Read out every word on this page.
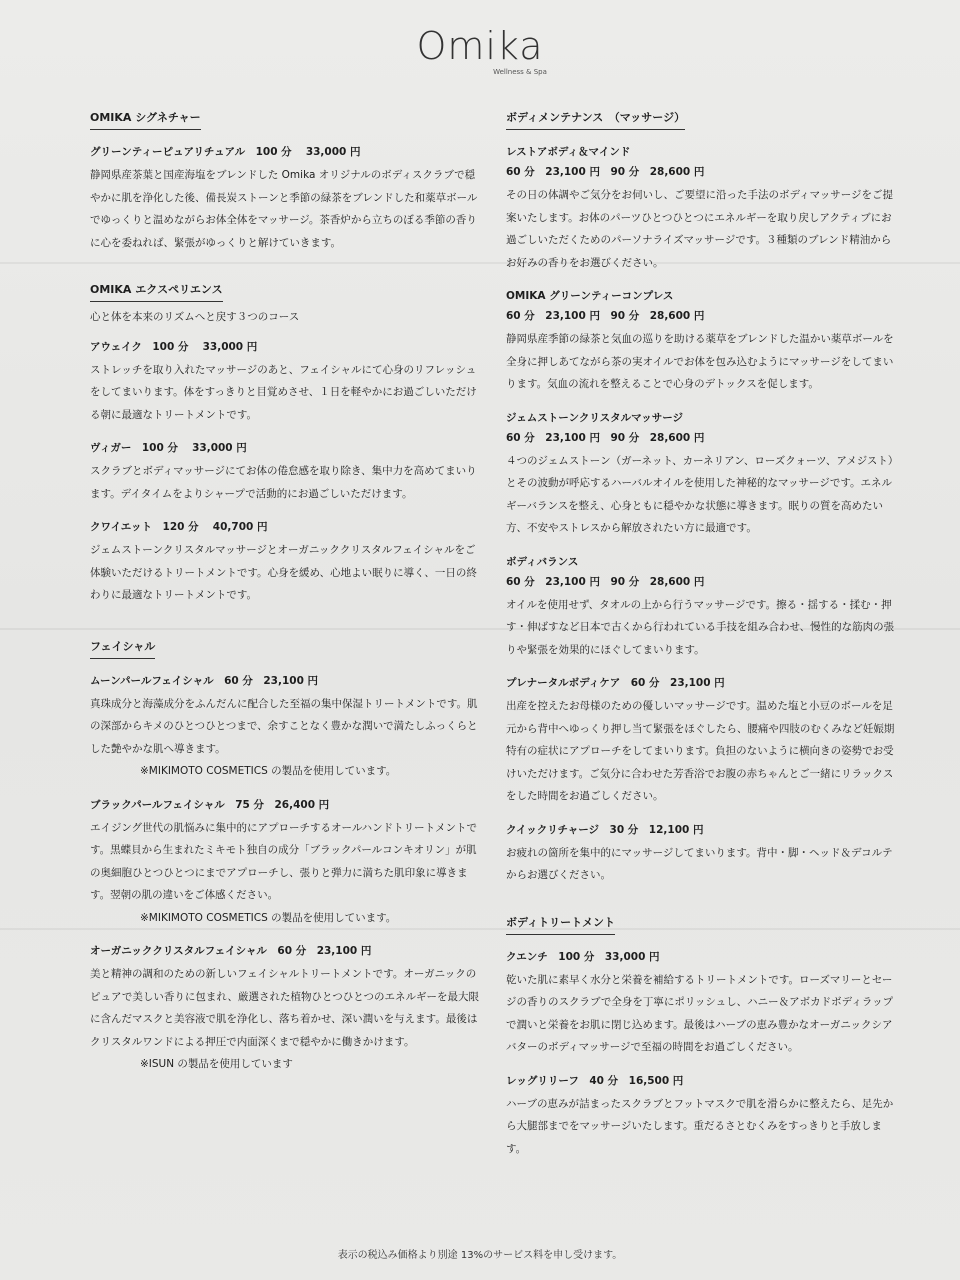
Omika
Wellness & Spa
OMIKA シグネチャー
グリーンティーピュアリチュアル　100 分　 33,000 円
静岡県産茶葉と国産海塩をブレンドした Omika オリジナルのボディスクラブで穏やかに肌を浄化した後、備長炭ストーンと季節の緑茶をブレンドした和薬草ボールでゆっくりと温めながらお体全体をマッサージ。茶香炉から立ちのぼる季節の香りに心を委ねれば、緊張がゆっくりと解けていきます。
OMIKA エクスペリエンス
心と体を本来のリズムへと戻す３つのコース
アウェイク　100 分　 33,000 円
ストレッチを取り入れたマッサージのあと、フェイシャルにて心身のリフレッシュをしてまいります。体をすっきりと目覚めさせ、１日を軽やかにお過ごしいただける朝に最適なトリートメントです。
ヴィガー　100 分　 33,000 円
スクラブとボディマッサージにてお体の倦怠感を取り除き、集中力を高めてまいります。デイタイムをよりシャープで活動的にお過ごしいただけます。
クワイエット　120 分　 40,700 円
ジェムストーンクリスタルマッサージとオーガニッククリスタルフェイシャルをご体験いただけるトリートメントです。心身を緩め、心地よい眠りに導く、一日の終わりに最適なトリートメントです。
フェイシャル
ムーンパールフェイシャル　60 分　23,100 円
真珠成分と海藻成分をふんだんに配合した至福の集中保湿トリートメントです。肌の深部からキメのひとつひとつまで、余すことなく豊かな潤いで満たしふっくらとした艶やかな肌へ導きます。
※MIKIMOTO COSMETICS の製品を使用しています。
ブラックパールフェイシャル　75 分　26,400 円
エイジング世代の肌悩みに集中的にアプローチするオールハンドトリートメントです。黒蝶貝から生まれたミキモト独自の成分「ブラックパールコンキオリン」が肌の奥細胞ひとつひとつにまでアプローチし、張りと弾力に満ちた肌印象に導きます。翌朝の肌の違いをご体感ください。
※MIKIMOTO COSMETICS の製品を使用しています。
オーガニッククリスタルフェイシャル　60 分　23,100 円
美と精神の調和のための新しいフェイシャルトリートメントです。オーガニックのピュアで美しい香りに包まれ、厳選された植物ひとつひとつのエネルギーを最大限に含んだマスクと美容液で肌を浄化し、落ち着かせ、深い潤いを与えます。最後はクリスタルワンドによる押圧で内面深くまで穏やかに働きかけます。
※ISUN の製品を使用しています
ボディメンテナンス　（マッサージ）
レストアボディ＆マインド
60 分　23,100 円　90 分　28,600 円
その日の体調やご気分をお伺いし、ご要望に沿った手法のボディマッサージをご提案いたします。お体のパーツひとつひとつにエネルギーを取り戻しアクティブにお過ごしいただくためのパーソナライズマッサージです。３種類のブレンド精油からお好みの香りをお選びください。
OMIKA グリーンティーコンプレス
60 分　23,100 円　90 分　28,600 円
静岡県産季節の緑茶と気血の巡りを助ける薬草をブレンドした温かい薬草ボールを全身に押しあてながら茶の実オイルでお体を包み込むようにマッサージをしてまいります。気血の流れを整えることで心身のデトックスを促します。
ジェムストーンクリスタルマッサージ
60 分　23,100 円　90 分　28,600 円
４つのジェムストーン（ガーネット、カーネリアン、ローズクォーツ、アメジスト）とその波動が呼応するハーバルオイルを使用した神秘的なマッサージです。エネルギーバランスを整え、心身ともに穏やかな状態に導きます。眠りの質を高めたい方、不安やストレスから解放されたい方に最適です。
ボディバランス
60 分　23,100 円　90 分　28,600 円
オイルを使用せず、タオルの上から行うマッサージです。擦る・揺する・揉む・押す・伸ばすなど日本で古くから行われている手技を組み合わせ、慢性的な筋肉の張りや緊張を効果的にほぐしてまいります。
プレナータルボディケア　60 分　23,100 円
出産を控えたお母様のための優しいマッサージです。温めた塩と小豆のボールを足元から背中へゆっくり押し当て緊張をほぐしたら、腰痛や四肢のむくみなど妊娠期特有の症状にアプローチをしてまいります。負担のないように横向きの姿勢でお受けいただけます。ご気分に合わせた芳香浴でお腹の赤ちゃんとご一緒にリラックスをした時間をお過ごしください。
クイックリチャージ　30 分　12,100 円
お疲れの箇所を集中的にマッサージしてまいります。背中・脚・ヘッド＆デコルテからお選びください。
ボディトリートメント
クエンチ　100 分　33,000 円
乾いた肌に素早く水分と栄養を補給するトリートメントです。ローズマリーとセージの香りのスクラブで全身を丁寧にポリッシュし、ハニー＆アボカドボディラップで潤いと栄養をお肌に閉じ込めます。最後はハーブの恵み豊かなオーガニックシアバターのボディマッサージで至福の時間をお過ごしください。
レッグリリーフ　40 分　16,500 円
ハーブの恵みが詰まったスクラブとフットマスクで肌を滑らかに整えたら、足先から大腿部までをマッサージいたします。重だるさとむくみをすっきりと手放します。
表示の税込み価格より別途 13%のサービス料を申し受けます。
